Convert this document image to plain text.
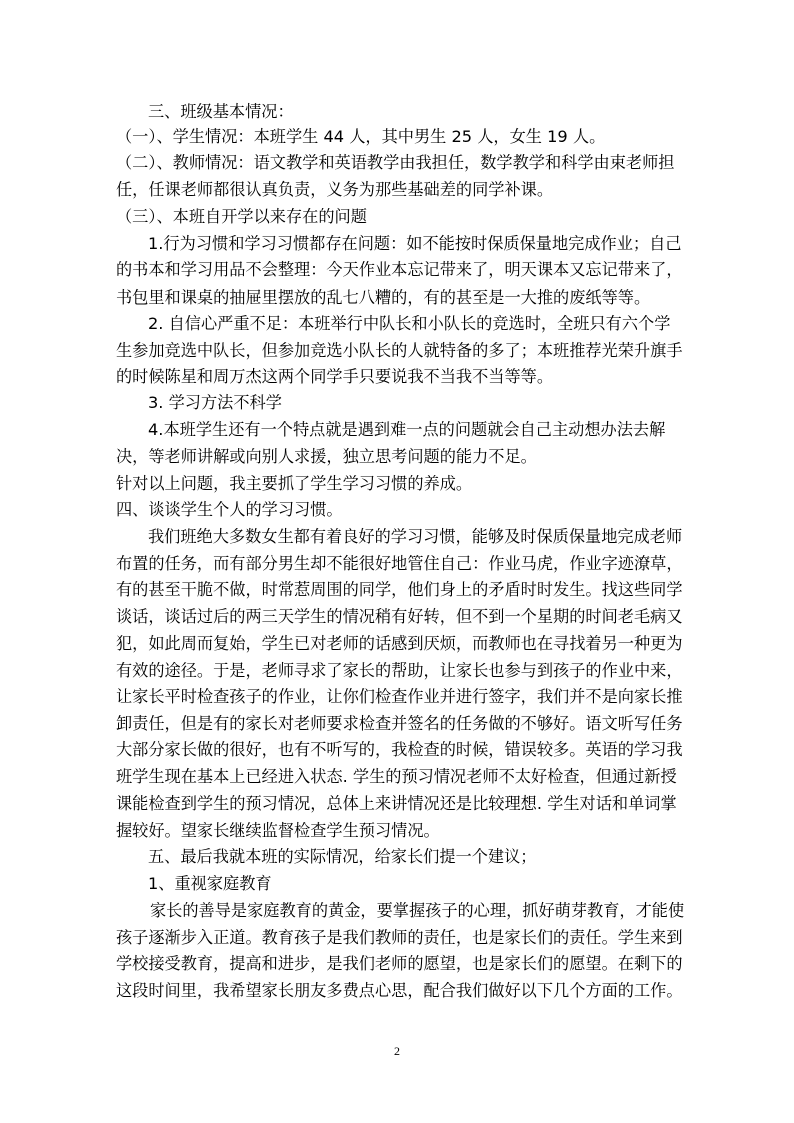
三、班级基本情况：
（一）、学生情况：本班学生 44 人，其中男生 25 人，女生 19 人。
（二）、教师情况：语文教学和英语教学由我担任，数学教学和科学由束老师担
任，任课老师都很认真负责，义务为那些基础差的同学补课。
（三）、本班自开学以来存在的问题
1.行为习惯和学习习惯都存在问题：如不能按时保质保量地完成作业；自己
的书本和学习用品不会整理：今天作业本忘记带来了，明天课本又忘记带来了，
书包里和课桌的抽屉里摆放的乱七八糟的，有的甚至是一大推的废纸等等。
2. 自信心严重不足：本班举行中队长和小队长的竞选时，全班只有六个学
生参加竞选中队长，但参加竞选小队长的人就特备的多了；本班推荐光荣升旗手
的时候陈星和周万杰这两个同学手只要说我不当我不当等等。
3. 学习方法不科学
4.本班学生还有一个特点就是遇到难一点的问题就会自己主动想办法去解
决，等老师讲解或向别人求援，独立思考问题的能力不足。
针对以上问题，我主要抓了学生学习习惯的养成。
四、谈谈学生个人的学习习惯。
我们班绝大多数女生都有着良好的学习习惯，能够及时保质保量地完成老师
布置的任务，而有部分男生却不能很好地管住自己：作业马虎，作业字迹潦草，
有的甚至干脆不做，时常惹周围的同学，他们身上的矛盾时时发生。找这些同学
谈话，谈话过后的两三天学生的情况稍有好转，但不到一个星期的时间老毛病又
犯，如此周而复始，学生已对老师的话感到厌烦，而教师也在寻找着另一种更为
有效的途径。于是，老师寻求了家长的帮助，让家长也参与到孩子的作业中来，
让家长平时检查孩子的作业，让你们检查作业并进行签字，我们并不是向家长推
卸责任，但是有的家长对老师要求检查并签名的任务做的不够好。语文听写任务
大部分家长做的很好，也有不听写的，我检查的时候，错误较多。英语的学习我
班学生现在基本上已经进入状态. 学生的预习情况老师不太好检查，但通过新授
课能检查到学生的预习情况，总体上来讲情况还是比较理想. 学生对话和单词掌
握较好。望家长继续监督检查学生预习情况。
五、最后我就本班的实际情况，给家长们提一个建议；
1、重视家庭教育
家长的善导是家庭教育的黄金，要掌握孩子的心理，抓好萌芽教育，才能使
孩子逐渐步入正道。教育孩子是我们教师的责任，也是家长们的责任。学生来到
学校接受教育，提高和进步，是我们老师的愿望，也是家长们的愿望。在剩下的
这段时间里，我希望家长朋友多费点心思，配合我们做好以下几个方面的工作。
2
